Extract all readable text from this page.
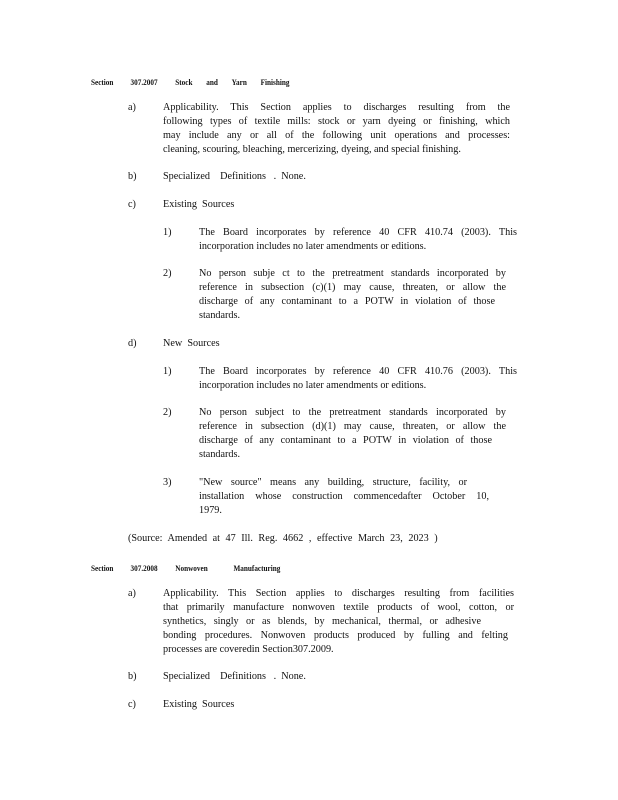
Section 307.2007 Stock and Yarn Finishing
a)	Applicability. This Section applies to discharges resulting from the
following types of textile mills: stock or yarn dyeing or finishing, which
may include any or all of the following unit operations and processes:
cleaning, scouring, bleaching, mercerizing, dyeing, and special finishing.
b)	Specialized    Definitions   .  None.
c)	Existing  Sources
1)	The Board incorporates by reference 40 CFR 410.74 (2003). This
incorporation includes no later amendments or editions.
2)	No person subje ct to the pretreatment standards incorporated by
reference in subsection (c)(1) may cause, threaten, or allow the
discharge of any contaminant to a POTW in violation of those
standards.
d)	New  Sources
1)	The Board incorporates by reference 40 CFR 410.76 (2003). This
incorporation includes no later amendments or editions.
2)	No person subject to the pretreatment standards incorporated by
reference in subsection (d)(1) may cause, threaten, or allow the
discharge of any contaminant to a POTW in violation of those
standards.
3)	"New source" means any building, structure, facility, or
installation whose construction commencedafter October 10,
1979.
(Source: Amended at 47 Ill. Reg. 4662 , effective March 23, 2023 )
Section 307.2008 Nonwoven	Manufacturing
a)	Applicability. This Section applies to discharges resulting from facilities
that primarily manufacture nonwoven textile products of wool, cotton, or
synthetics, singly or as blends, by mechanical, thermal, or adhesive
bonding procedures. Nonwoven products produced by fulling and felting
processes are coveredin Section307.2009.
b)	Specialized    Definitions   .  None.
c)	Existing  Sources
